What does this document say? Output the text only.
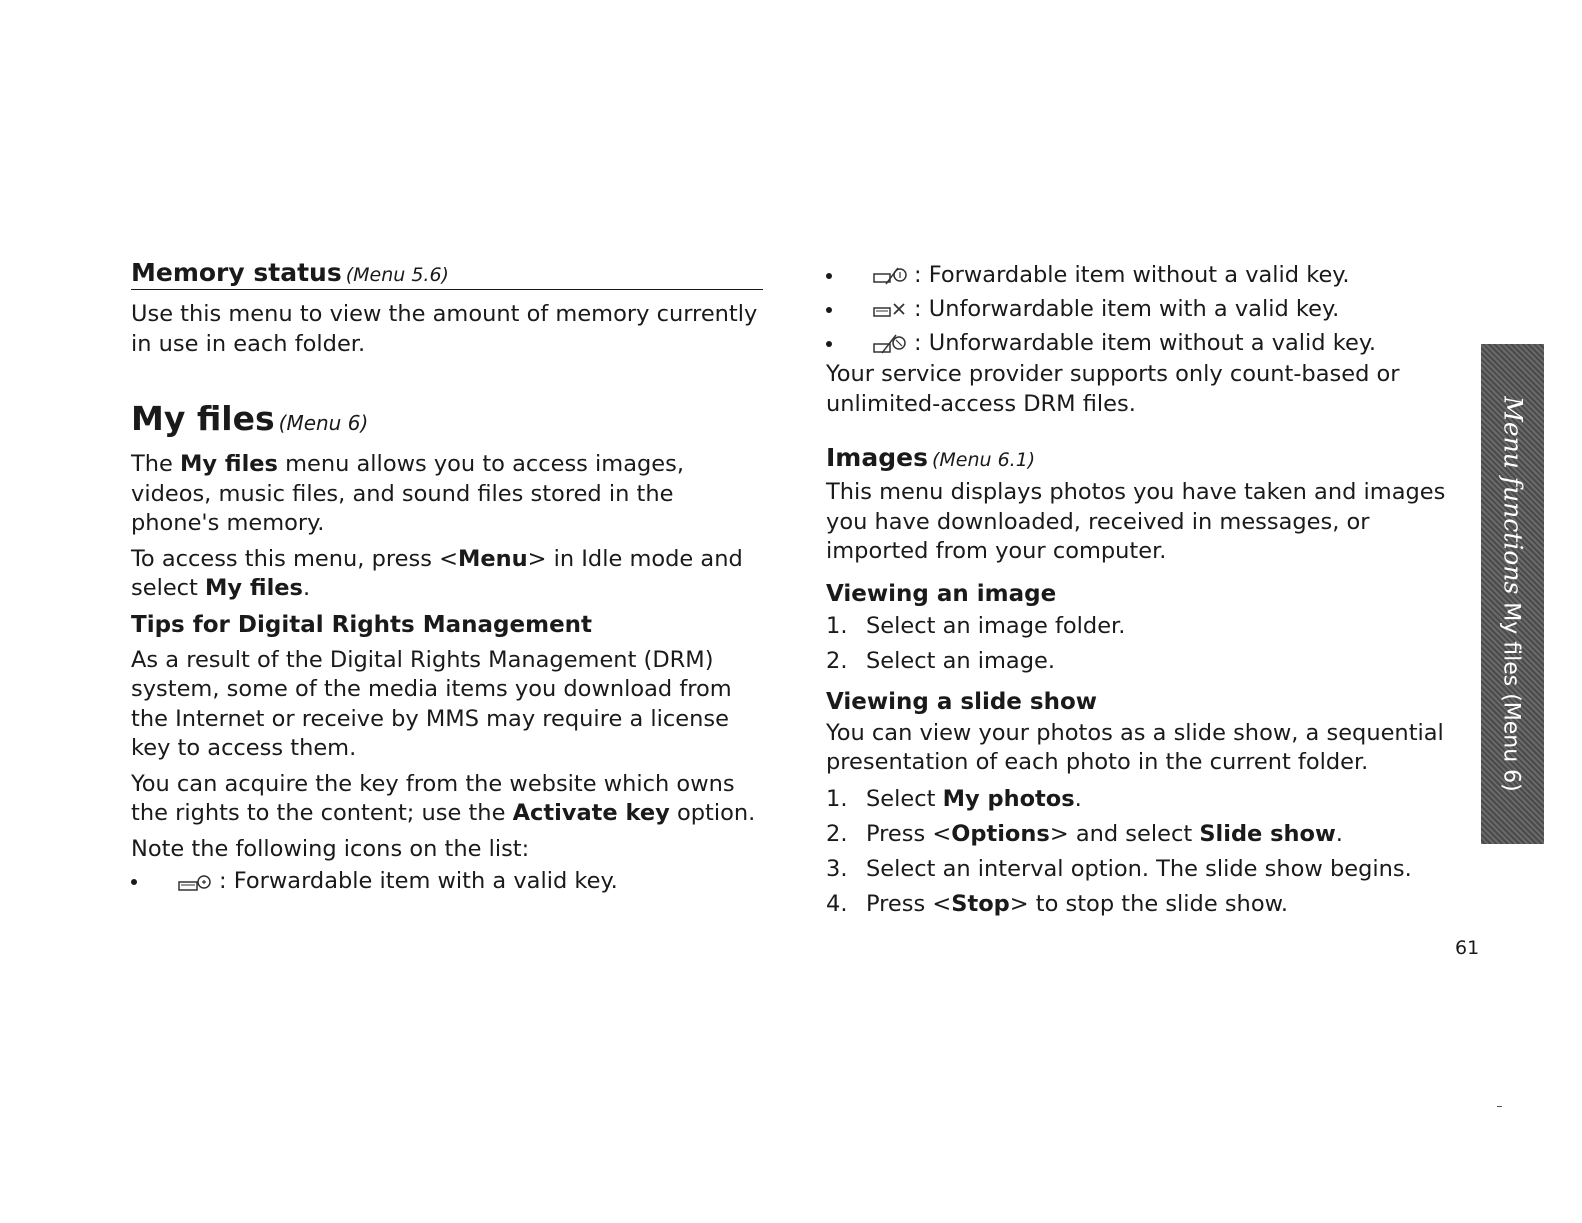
Memory status (Menu 5.6)

Use this menu to view the amount of memory currently in use in each folder.

My files (Menu 6)

The My files menu allows you to access images, videos, music files, and sound files stored in the phone's memory.

To access this menu, press <Menu> in Idle mode and select My files.

Tips for Digital Rights Management

As a result of the Digital Rights Management (DRM) system, some of the media items you download from the Internet or receive by MMS may require a license key to access them.

You can acquire the key from the website which owns the rights to the content; use the Activate key option.

Note the following icons on the list:

: Forwardable item with a valid key.
: Forwardable item without a valid key.
: Unforwardable item with a valid key.
: Unforwardable item without a valid key.

Your service provider supports only count-based or unlimited-access DRM files.

Images (Menu 6.1)

This menu displays photos you have taken and images you have downloaded, received in messages, or imported from your computer.

Viewing an image
1. Select an image folder.
2. Select an image.
Viewing a slide show

You can view your photos as a slide show, a sequential presentation of each photo in the current folder.

1. Select My photos.
2. Press <Options> and select Slide show.
3. Select an interval option. The slide show begins.
4. Press <Stop> to stop the slide show.
Menu functions My files (Menu 6)
61
